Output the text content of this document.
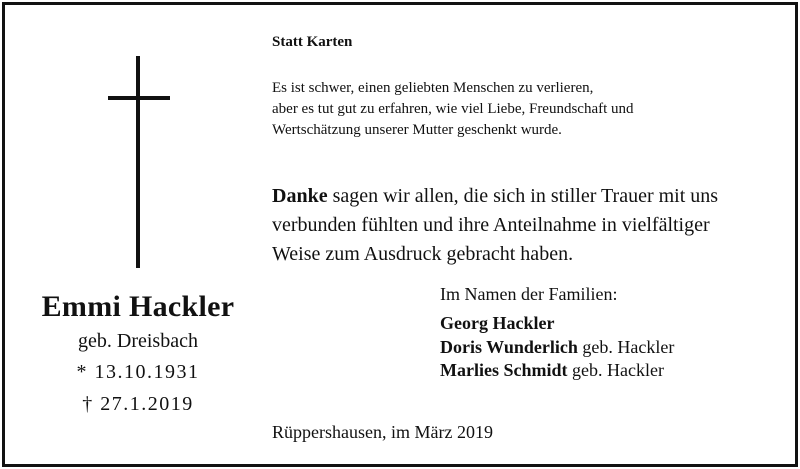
Emmi Hackler
geb. Dreisbach
* 13.10.1931
† 27.1.2019
Statt Karten
Es ist schwer, einen geliebten Menschen zu verlieren,
aber es tut gut zu erfahren, wie viel Liebe, Freundschaft und
Wertschätzung unserer Mutter geschenkt wurde.
Danke sagen wir allen, die sich in stiller Trauer mit uns
verbunden fühlten und ihre Anteilnahme in vielfältiger
Weise zum Ausdruck gebracht haben.
Im Namen der Familien:
Georg Hackler
Doris Wunderlich geb. Hackler
Marlies Schmidt geb. Hackler
Rüppershausen, im März 2019
